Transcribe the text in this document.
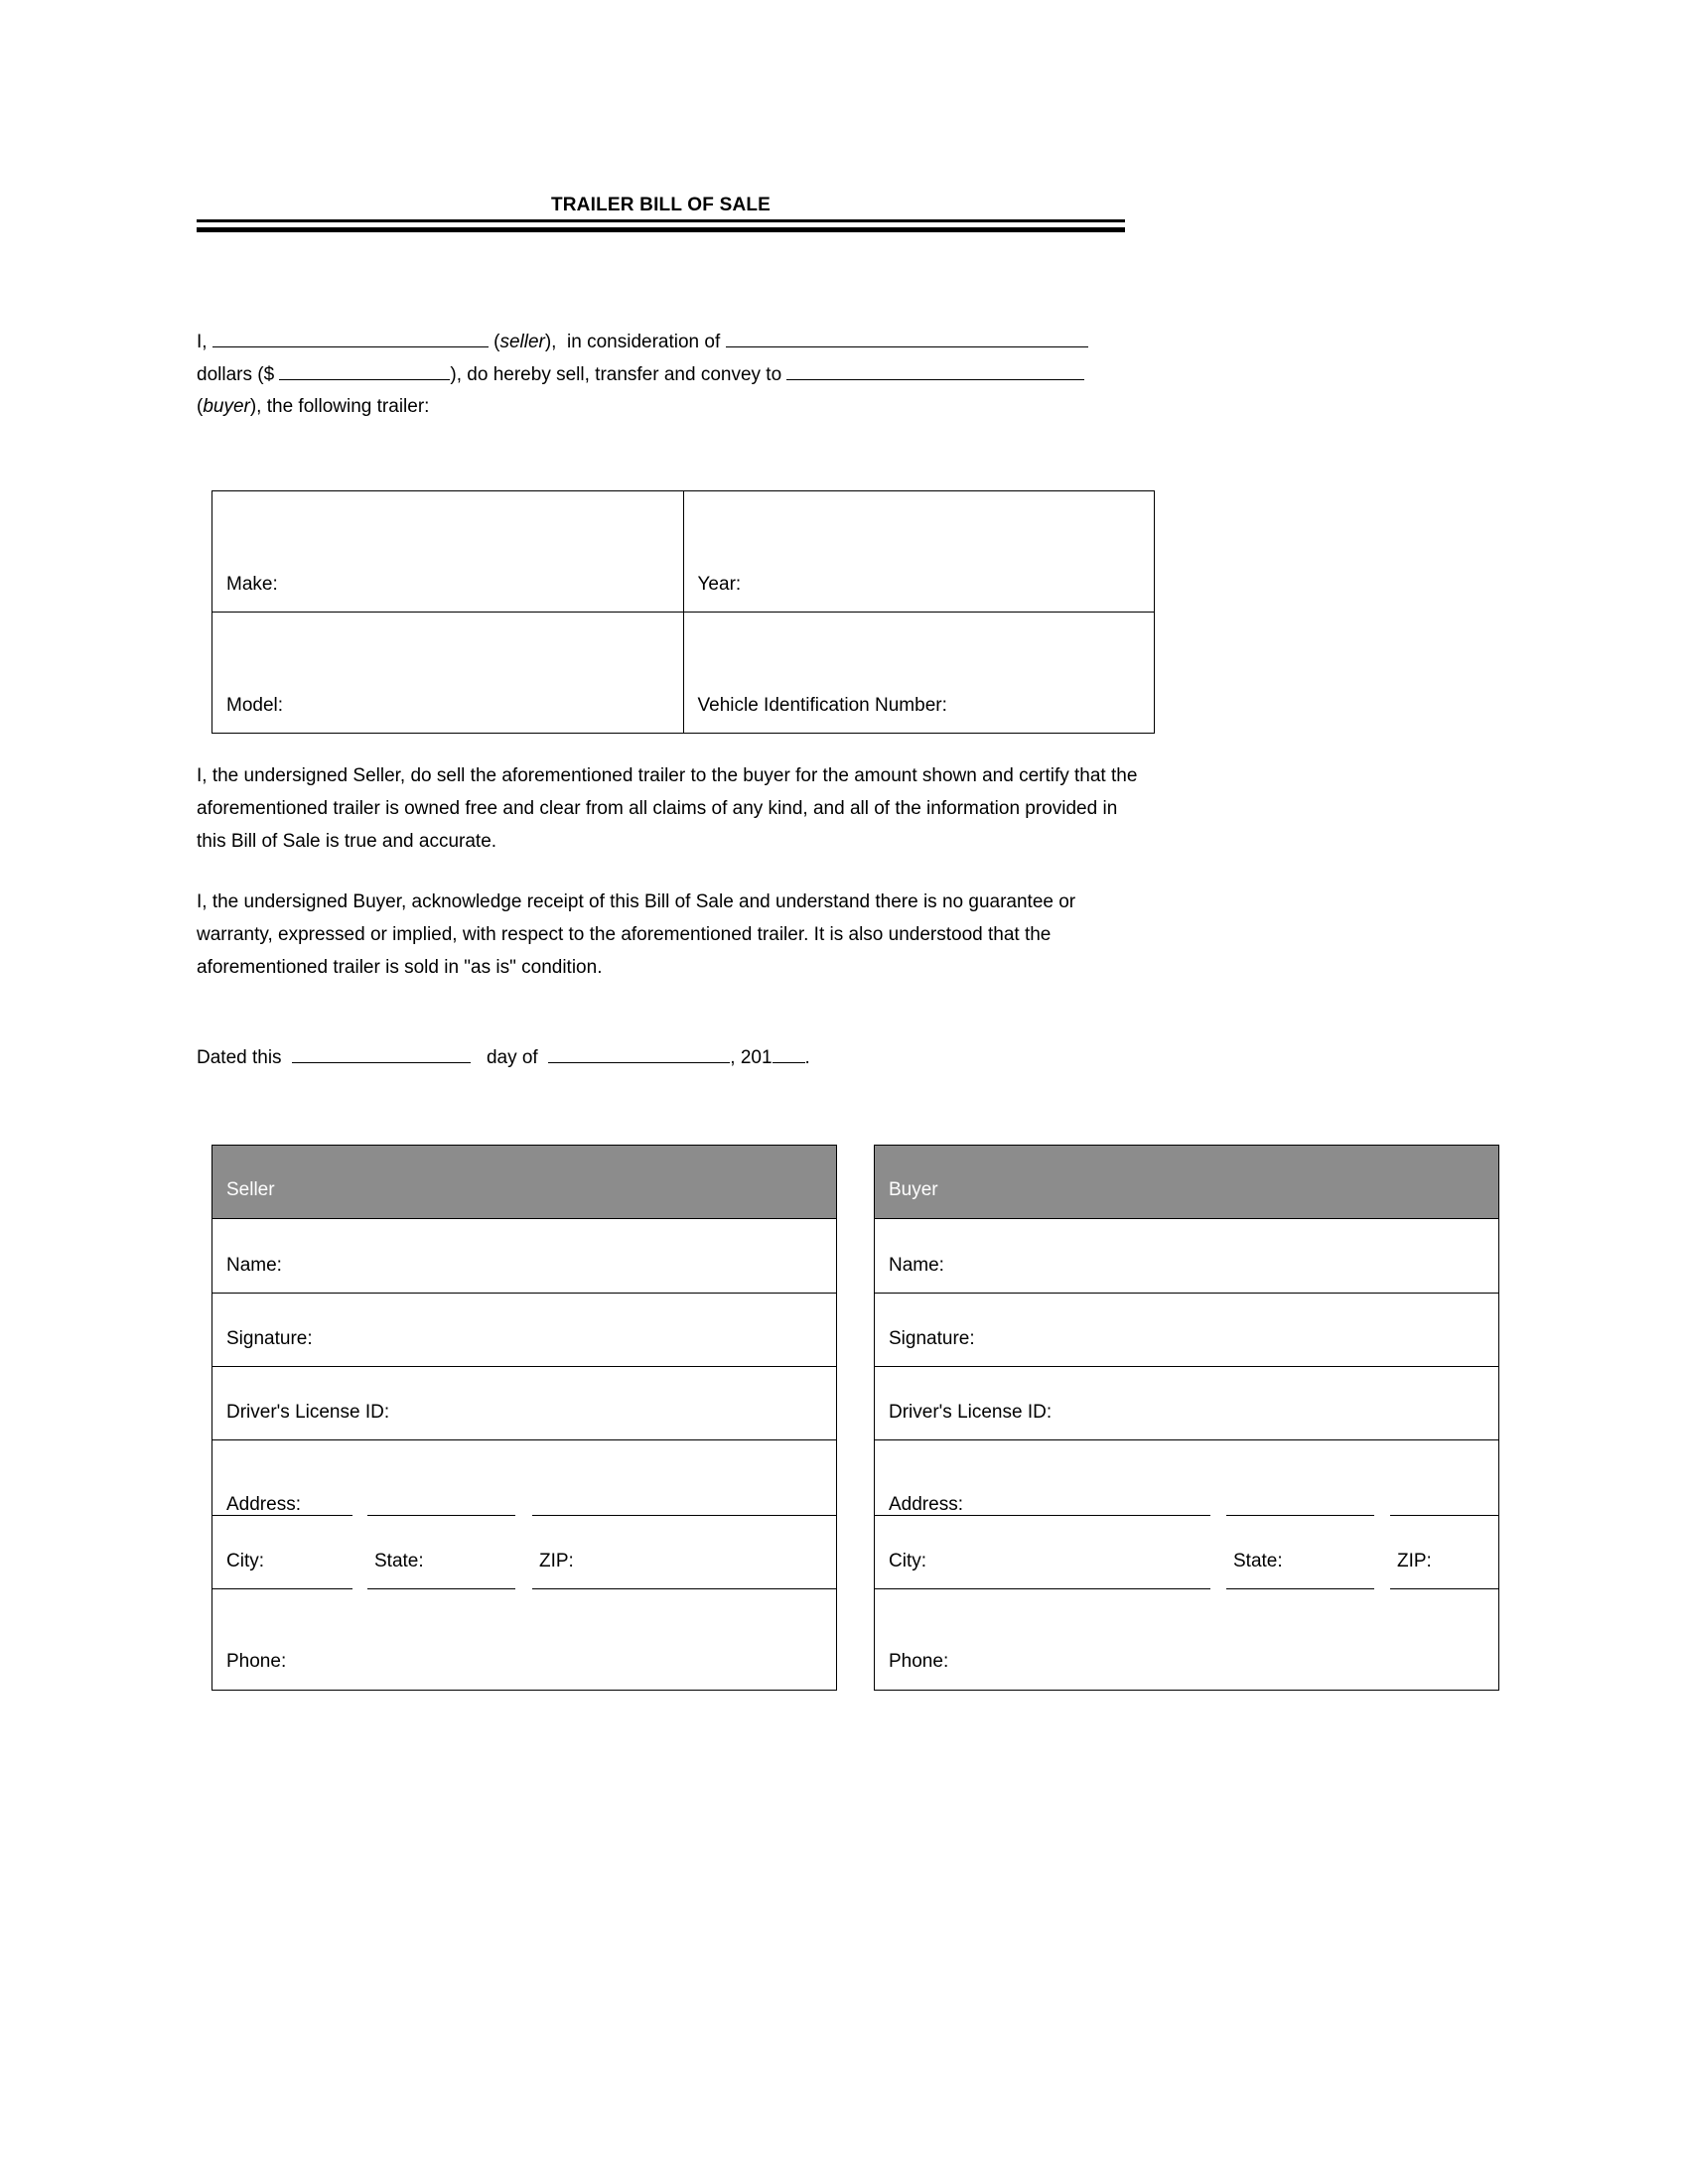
TRAILER BILL OF SALE
I,	(seller),  in consideration of
dollars ($	), do hereby sell, transfer and convey to
(buyer), the following trailer:
Make:	Year:
Model:	Vehicle Identification Number:
I, the undersigned Seller, do sell the aforementioned trailer to the buyer for the amount shown and certify that the aforementioned trailer is owned free and clear from all claims of any kind, and all of the information provided in this Bill of Sale is true and accurate.
I, the undersigned Buyer, acknowledge receipt of this Bill of Sale and understand there is no guarantee or warranty, expressed or implied, with respect to the aforementioned trailer. It is also understood that the aforementioned trailer is sold in "as is" condition.
Dated this	day of	, 201 .
Seller
Name:
Signature:
Driver's License ID:
Address:
City:	State:	ZIP:
Phone:
Buyer
Name:
Signature:
Driver's License ID:
Address:
City:	State:	ZIP:
Phone:
